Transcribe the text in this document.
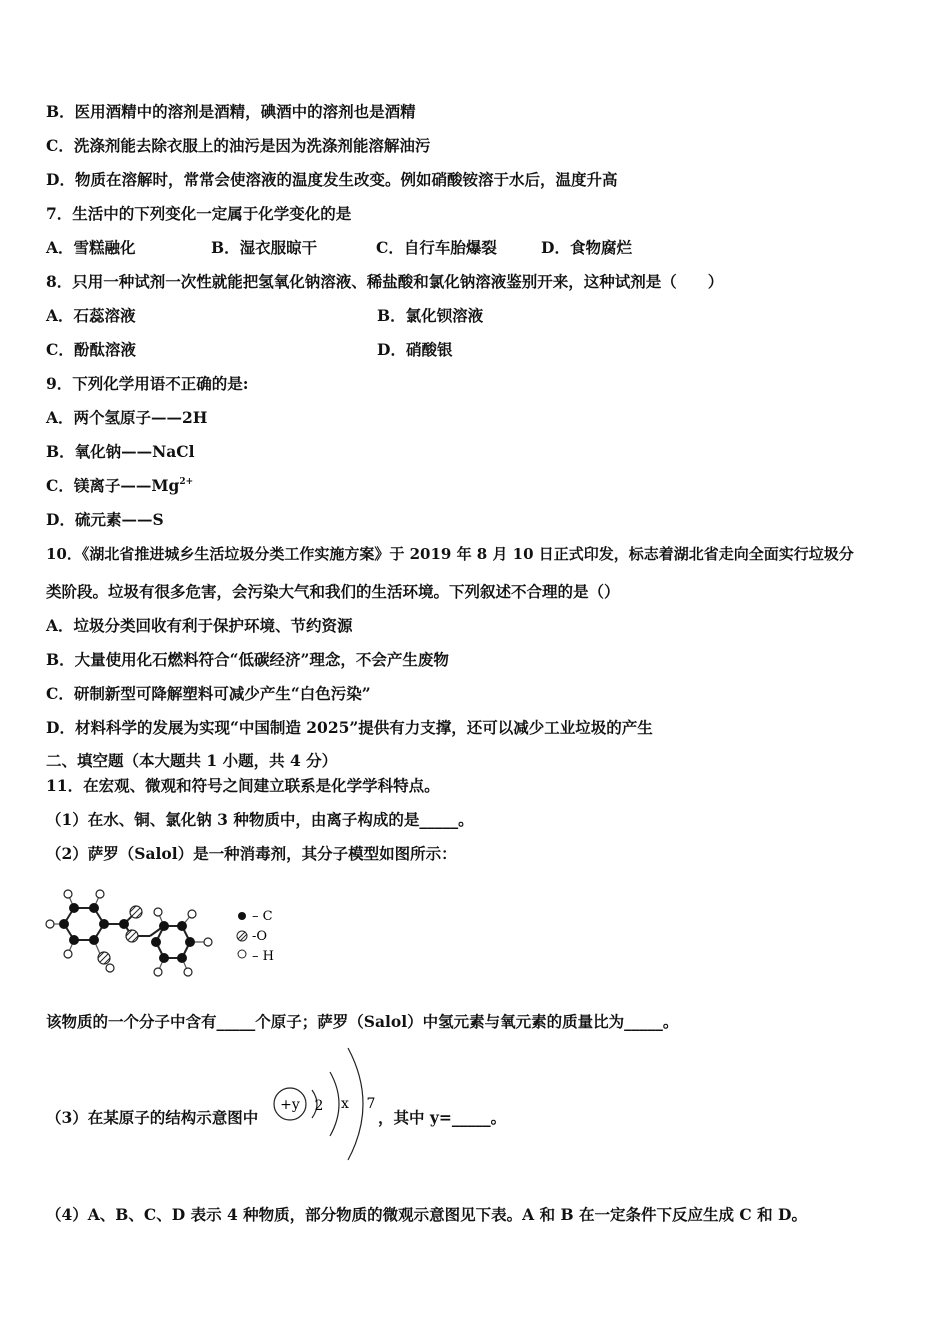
B．医用酒精中的溶剂是酒精，碘酒中的溶剂也是酒精
C．洗涤剂能去除衣服上的油污是因为洗涤剂能溶解油污
D．物质在溶解时，常常会使溶液的温度发生改变。例如硝酸铵溶于水后，温度升高
7．生活中的下列变化一定属于化学变化的是
A．雪糕融化	B．湿衣服晾干	C．自行车胎爆裂	D．食物腐烂
8．只用一种试剂一次性就能把氢氧化钠溶液、稀盐酸和氯化钠溶液鉴别开来，这种试剂是（　　）
A．石蕊溶液	B．氯化钡溶液
C．酚酞溶液	D．硝酸银
9．下列化学用语不正确的是:
A．两个氢原子——2H
B．氧化钠——NaCl
C．镁离子$——Mg^{2+}$
D．硫元素——S
10．《湖北省推进城乡生活垃圾分类工作实施方案》于 2019 年 8 月 10 日正式印发，标志着湖北省走向全面实行垃圾分
类阶段。垃圾有很多危害，会污染大气和我们的生活环境。下列叙述不合理的是（）
A．垃圾分类回收有利于保护环境、节约资源
B．大量使用化石燃料符合“低碳经济”理念，不会产生废物
C．研制新型可降解塑料可减少产生“白色污染”
D．材料科学的发展为实现“中国制造 2025”提供有力支撑，还可以减少工业垃圾的产生
二、填空题（本大题共 1 小题，共 4 分）
11．在宏观、微观和符号之间建立联系是化学学科特点。
（1）在水、铜、氯化钠 3 种物质中，由离子构成的是_____。
（2）萨罗（Salol）是一种消毒剂，其分子模型如图所示：
– C
-O
– H
该物质的一个分子中含有_____个原子；萨罗（Salol）中氢元素与氧元素的质量比为_____。
（3）在某原子的结构示意图中
+y 2 x 7
，其中 y=_____。
（4）A、B、C、D 表示 4 种物质，部分物质的微观示意图见下表。A 和 B 在一定条件下反应生成 C 和 D。
